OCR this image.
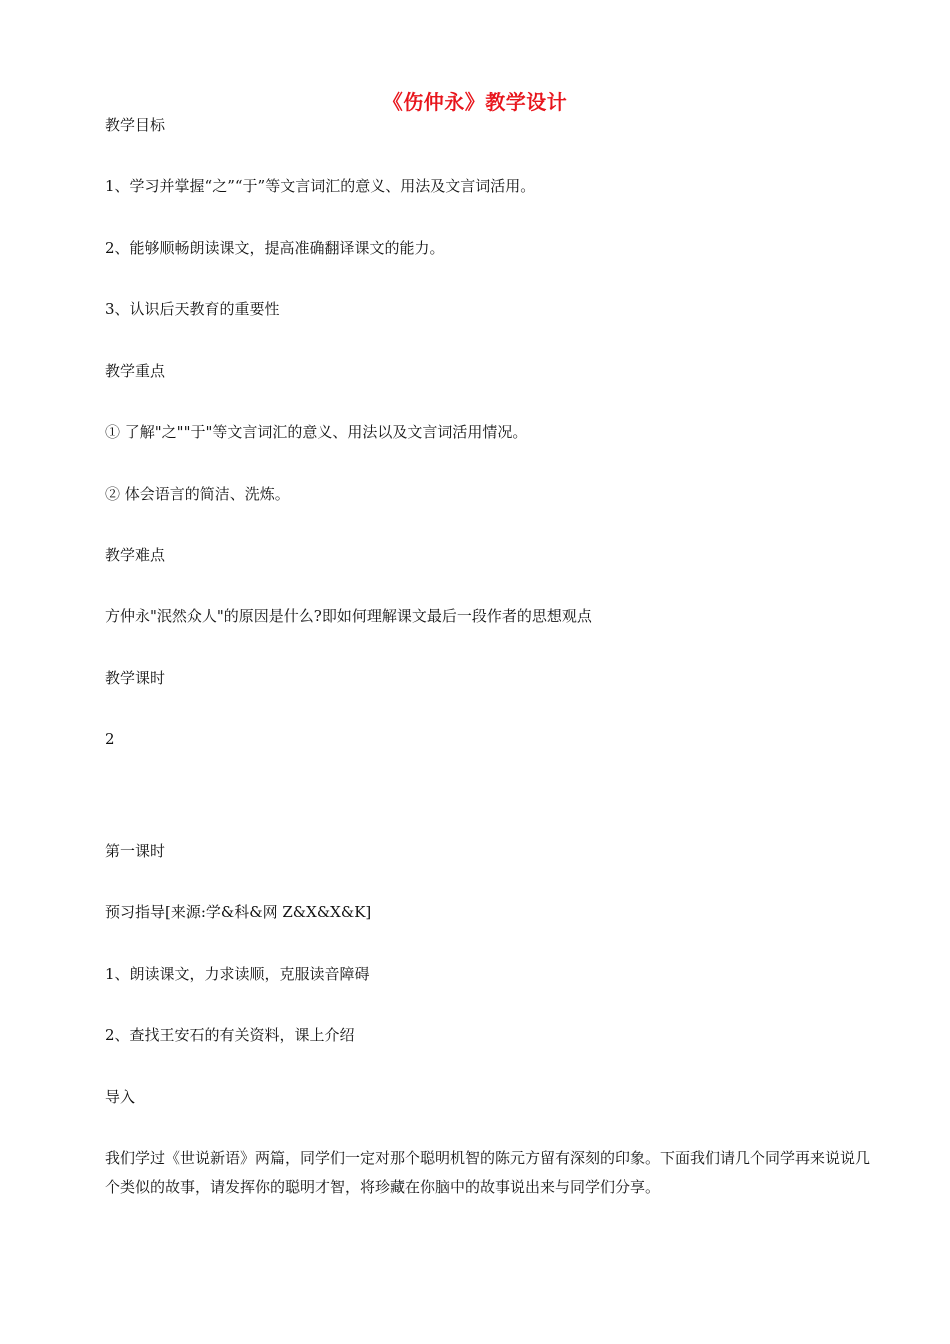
《伤仲永》教学设计
教学目标
1、学习并掌握“之”“于”等文言词汇的意义、用法及文言词活用。
2、能够顺畅朗读课文，提高准确翻译课文的能力。
3、认识后天教育的重要性
教学重点
① 了解"之""于"等文言词汇的意义、用法以及文言词活用情况。
② 体会语言的简洁、洗炼。
教学难点
方仲永"泯然众人"的原因是什么?即如何理解课文最后一段作者的思想观点
教学课时
2
第一课时
预习指导[来源:学&科&网 Z&X&X&K]
1、朗读课文，力求读顺，克服读音障碍
2、查找王安石的有关资料，课上介绍
导入
我们学过《世说新语》两篇，同学们一定对那个聪明机智的陈元方留有深刻的印象。下面我们请几个同学再来说说几个类似的故事，请发挥你的聪明才智，将珍藏在你脑中的故事说出来与同学们分享。
